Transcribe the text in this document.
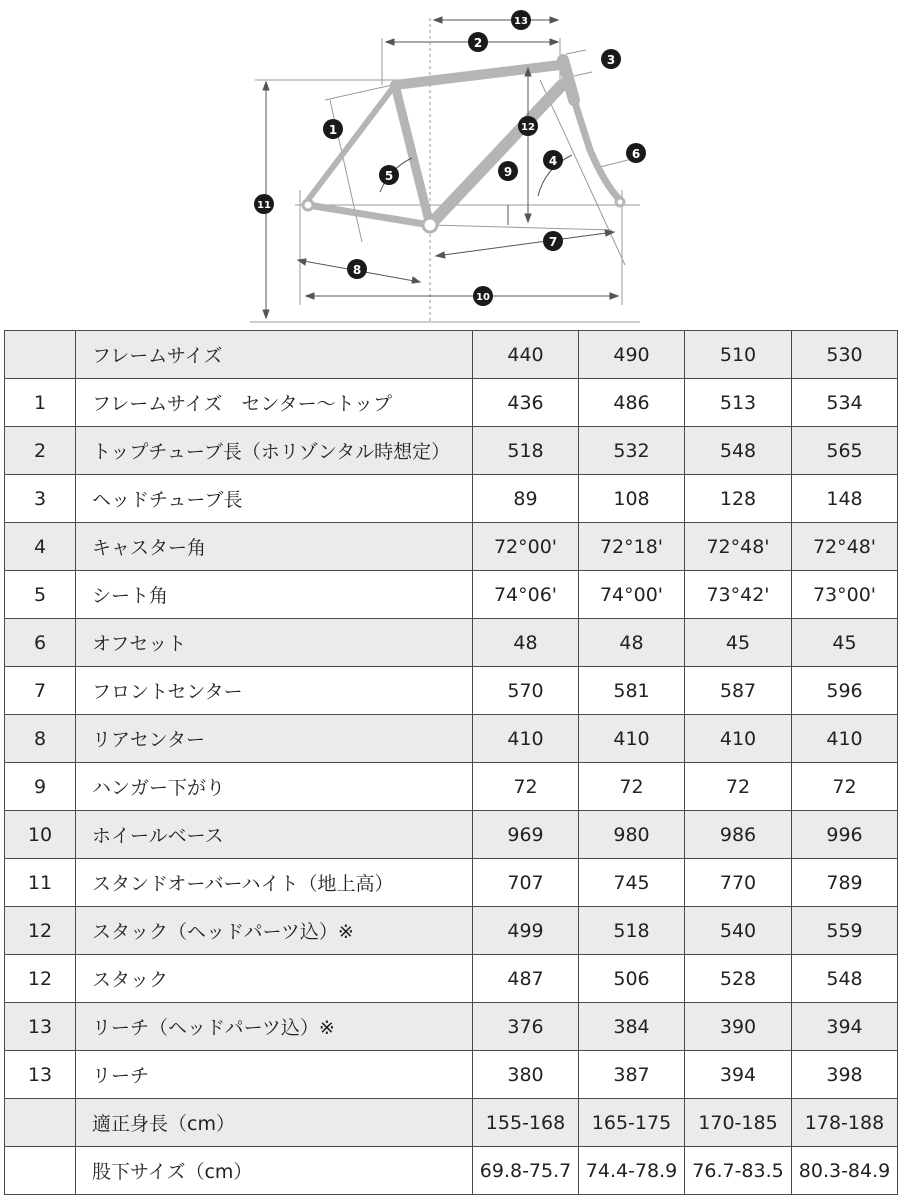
1
2
3
4
5
6
7
8
9
10
11
12
13
	フレームサイズ	440	490	510	530
1	フレームサイズ　センター～トップ	436	486	513	534
2	トップチューブ長（ホリゾンタル時想定）	518	532	548	565
3	ヘッドチューブ長	89	108	128	148
4	キャスター角	72°00'	72°18'	72°48'	72°48'
5	シート角	74°06'	74°00'	73°42'	73°00'
6	オフセット	48	48	45	45
7	フロントセンター	570	581	587	596
8	リアセンター	410	410	410	410
9	ハンガー下がり	72	72	72	72
10	ホイールベース	969	980	986	996
11	スタンドオーバーハイト（地上高）	707	745	770	789
12	スタック（ヘッドパーツ込）※	499	518	540	559
12	スタック	487	506	528	548
13	リーチ（ヘッドパーツ込）※	376	384	390	394
13	リーチ	380	387	394	398
	適正身長（cm）	155-168	165-175	170-185	178-188
	股下サイズ（cm）	69.8-75.7	74.4-78.9	76.7-83.5	80.3-84.9
